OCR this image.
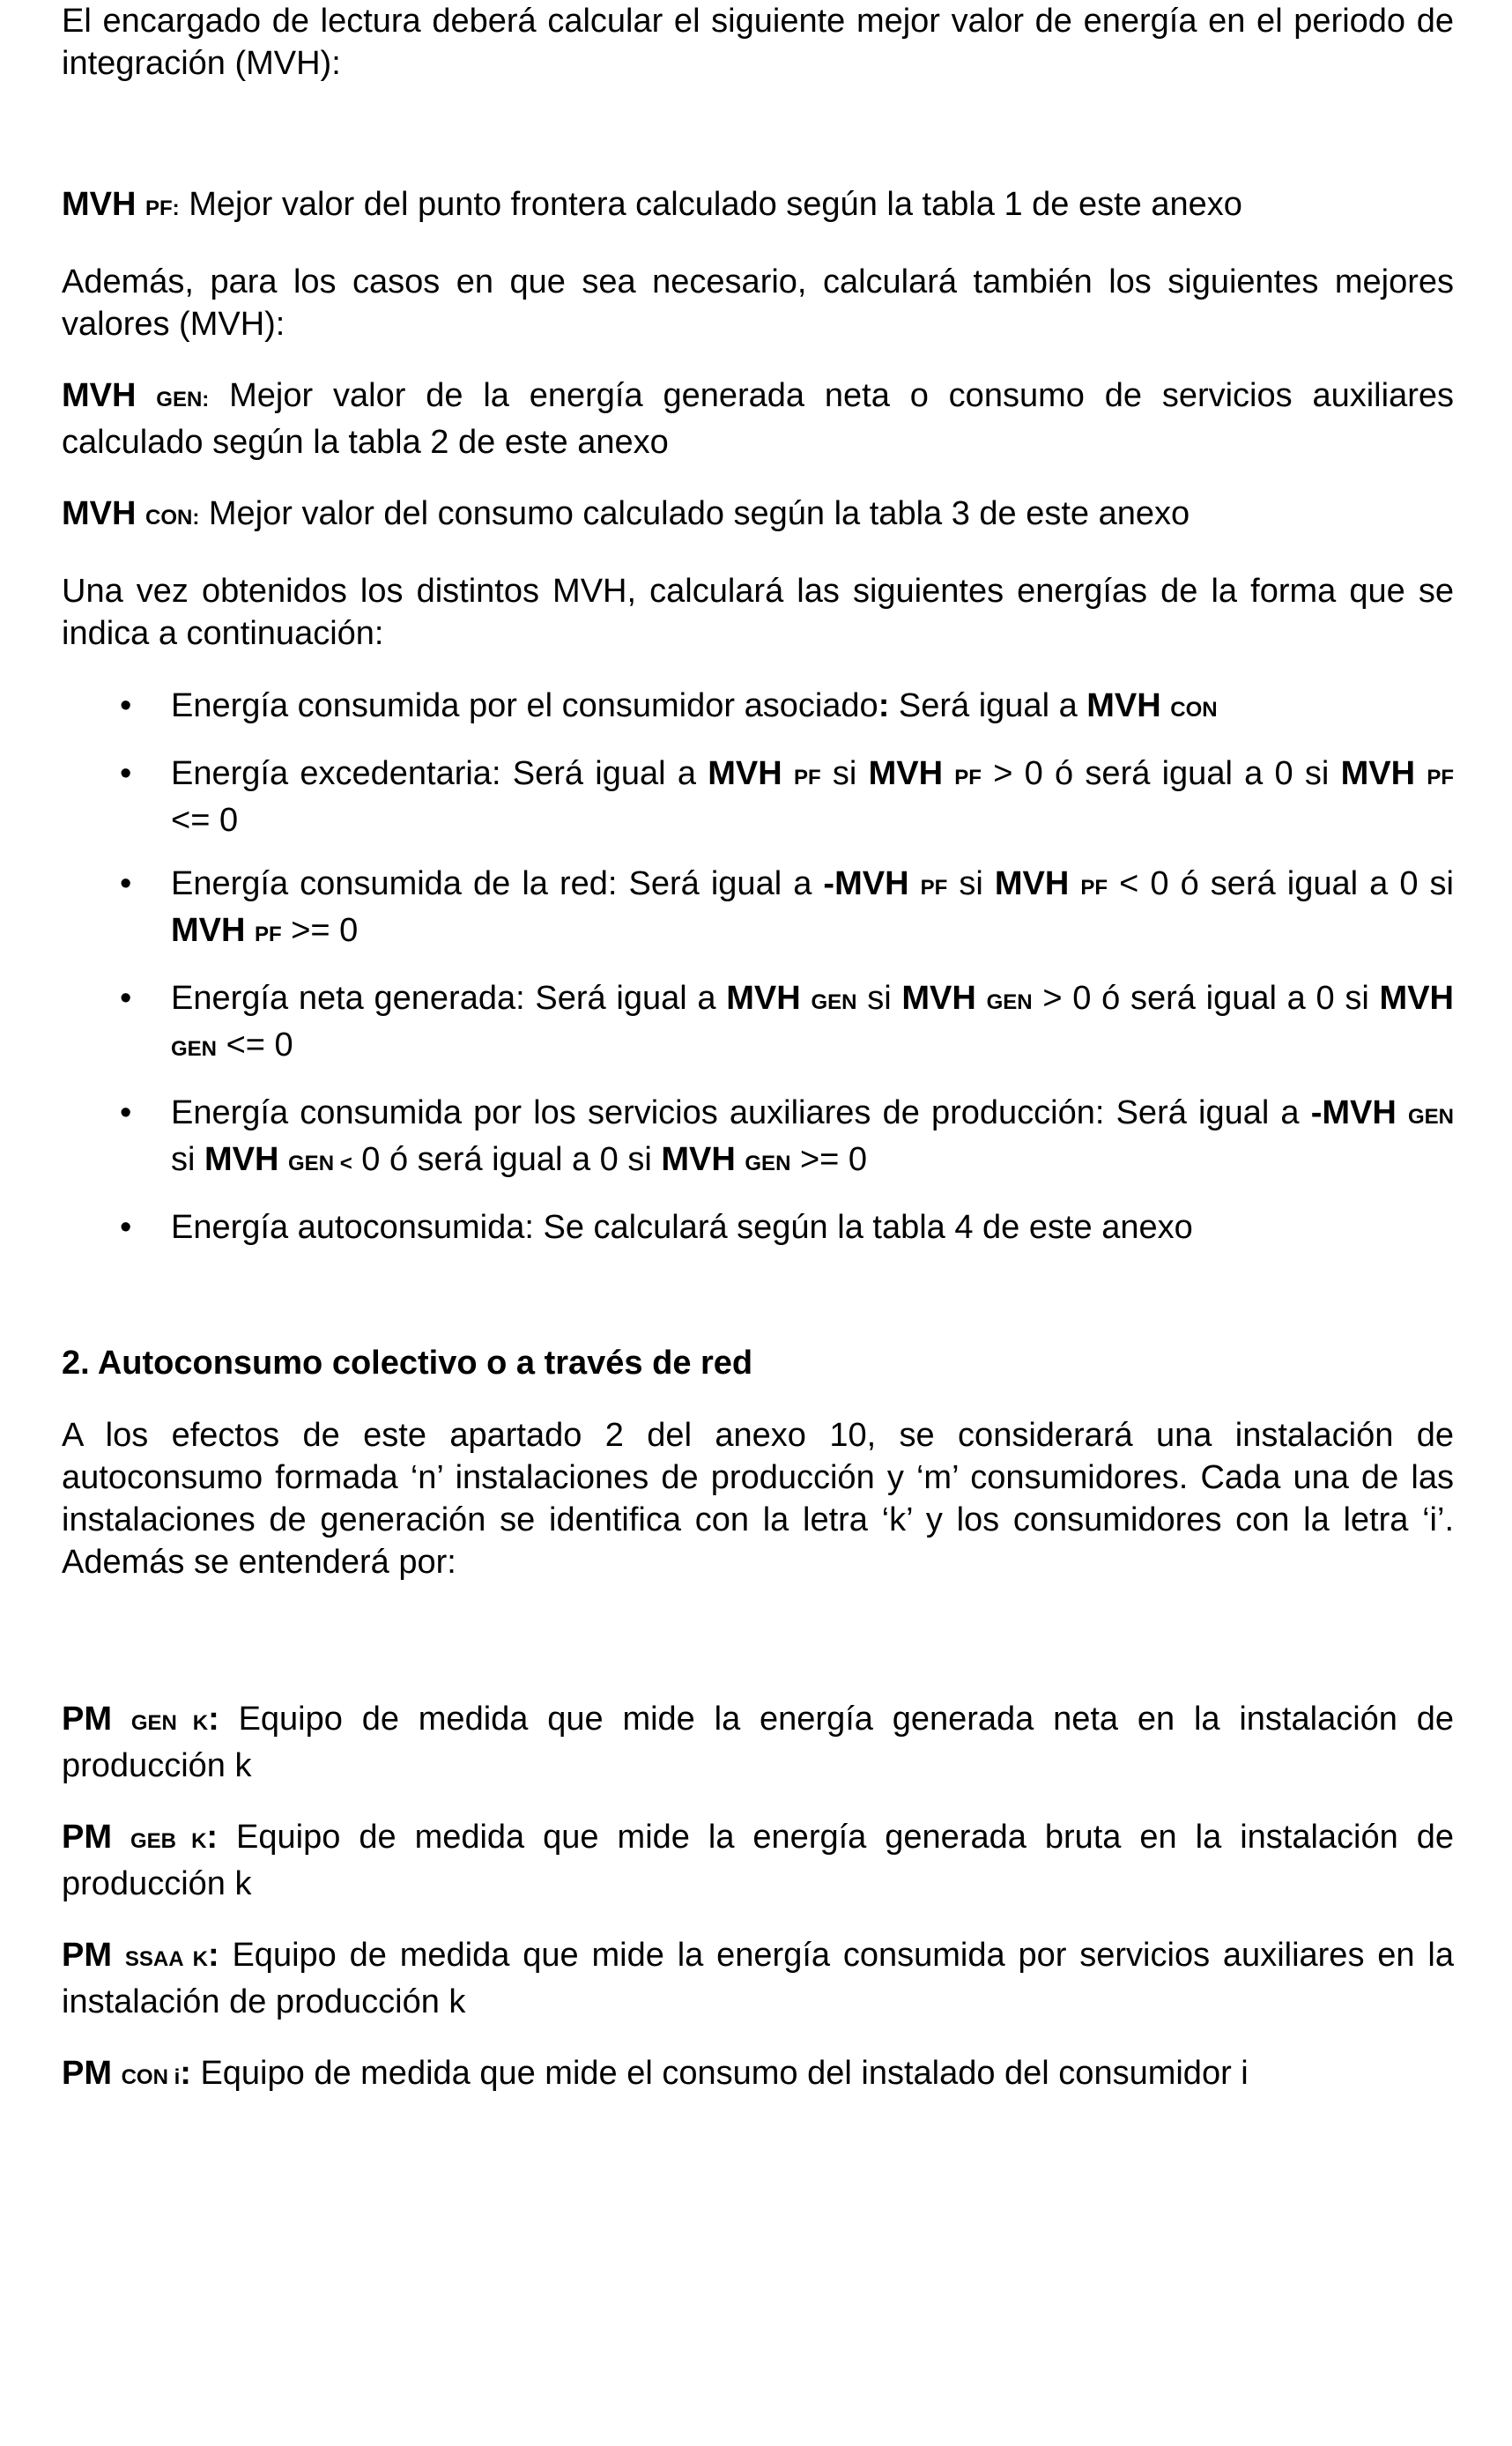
El encargado de lectura deberá calcular el siguiente mejor valor de energía en el periodo de integración (MVH):

MVH PF: Mejor valor del punto frontera calculado según la tabla 1 de este anexo

Además, para los casos en que sea necesario, calculará también los siguientes mejores valores (MVH):

MVH GEN: Mejor valor de la energía generada neta o consumo de servicios auxiliares calculado según la tabla 2 de este anexo

MVH CON: Mejor valor del consumo calculado según la tabla 3 de este anexo

Una vez obtenidos los distintos MVH, calculará las siguientes energías de la forma que se indica a continuación:

• Energía consumida por el consumidor asociado: Será igual a MVH CON
• Energía excedentaria: Será igual a MVH PF si MVH PF > 0 ó será igual a 0 si MVH PF <= 0
• Energía consumida de la red: Será igual a -MVH PF si MVH PF < 0 ó será igual a 0 si MVH PF >= 0
• Energía neta generada: Será igual a MVH GEN si MVH GEN > 0 ó será igual a 0 si MVH GEN <= 0
• Energía consumida por los servicios auxiliares de producción: Será igual a -MVH GEN si MVH GEN < 0 ó será igual a 0 si MVH GEN >= 0
• Energía autoconsumida: Se calculará según la tabla 4 de este anexo

2. Autoconsumo colectivo o a través de red

A los efectos de este apartado 2 del anexo 10, se considerará una instalación de autoconsumo formada ‘n’ instalaciones de producción y ‘m’ consumidores. Cada una de las instalaciones de generación se identifica con la letra ‘k’ y los consumidores con la letra ‘i’. Además se entenderá por:

PM GEN K: Equipo de medida que mide la energía generada neta en la instalación de producción k

PM GEB K: Equipo de medida que mide la energía generada bruta en la instalación de producción k

PM SSAA K: Equipo de medida que mide la energía consumida por servicios auxiliares en la instalación de producción k

PM CON i: Equipo de medida que mide el consumo del instalado del consumidor i
